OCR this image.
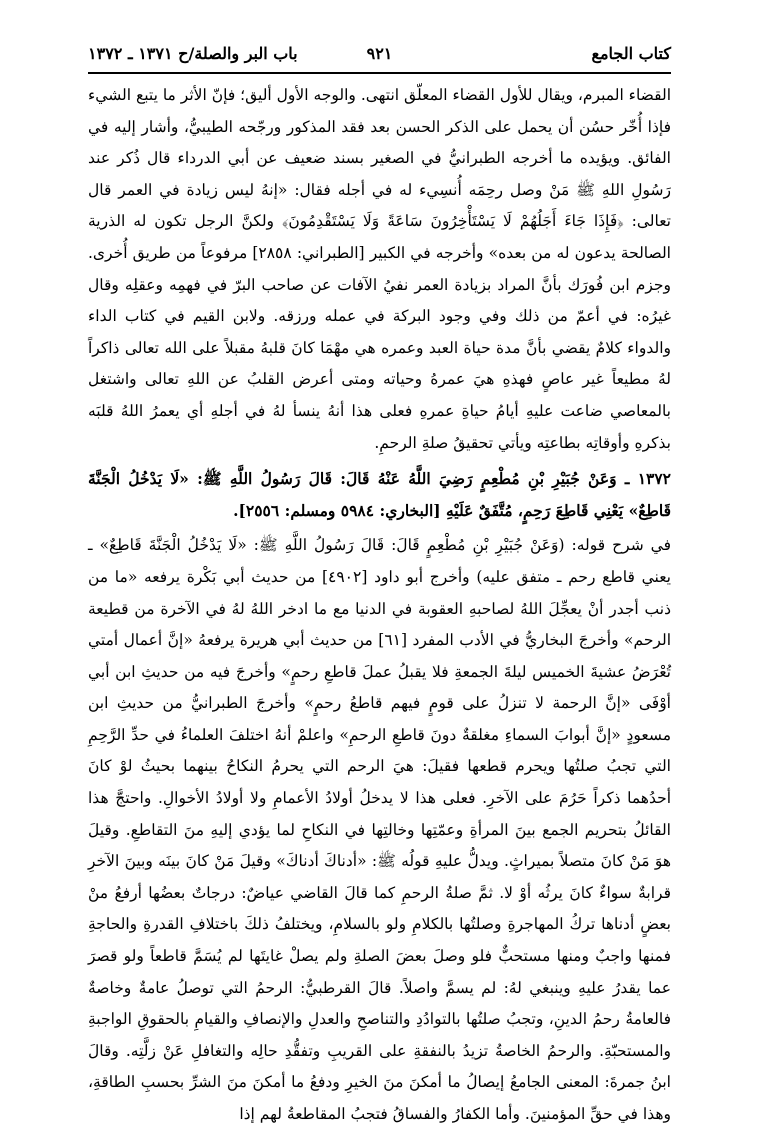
كتاب الجامع
٩٢١
باب البر والصلة/ح ١٣٧١ ـ ١٣٧٢

القضاء المبرم، ويقال للأول القضاء المعلّق انتهى. والوجه الأول أليق؛ فإنّ الأثر ما يتبع الشيء فإذا أُخّر حسُن أن يحمل على الذكر الحسن بعد فقد المذكور ورجّحه الطيبيُّ، وأشار إليه في الفائق. ويؤيده ما أخرجه الطبرانيُّ في الصغير بسند ضعيف عن أبي الدرداء قال ذُكر عند رَسُولِ اللهِ ﷺ مَنْ وصل رحِمَه أُنسِيء له في أجله فقال: «إنهُ ليس زيادة في العمر قال تعالى: ﴿فَإِذَا جَاءَ أَجَلُهُمْ لَا يَسْتَأْخِرُونَ سَاعَةً وَلَا يَسْتَقْدِمُونَ﴾ ولكنَّ الرجل تكون له الذرية الصالحة يدعون له من بعده» وأخرجه في الكبير [الطبراني: ٢٨٥٨] مرفوعاً من طريق أُخرى. وجزم ابن فُورَك بأنَّ المراد بزيادة العمر نفيُ الآفات عن صاحب البرّ في فهمِه وعقلِه وقال غيرُه: في أعمّ من ذلك وفي وجود البركة في عمله ورزقه. ولابن القيم في كتاب الداء والدواء كلامٌ يقضي بأنَّ مدة حياة العبد وعمره هي مهْمَا كانَ قلبهُ مقبلاً على الله تعالى ذاكراً لهُ مطيعاً غير عاصٍ فهذهِ هيَ عمرهُ وحياته ومتى أعرض القلبُ عن اللهِ تعالى واشتغل بالمعاصي ضاعت عليهِ أيامُ حياةِ عمرهِ فعلى هذا أنهُ ينسأ لهُ في أجلهِ أي يعمرُ اللهُ قلبَه بذكرهِ وأوقاتِه بطاعتِه ويأتي تحقيقُ صلةِ الرحمِ.

١٣٧٢ ـ وَعَنْ جُبَيْرِ بْنِ مُطْعِمٍ رَضِيَ اللَّهُ عَنْهُ قَالَ: قَالَ رَسُولُ اللَّهِ ﷺ: «لَا يَدْخُلُ الْجَنَّةَ قَاطِعٌ» يَعْنِي قَاطِعَ رَحِمٍ، مُتَّفَقٌ عَلَيْهِ [البخاري: ٥٩٨٤ ومسلم: ٢٥٥٦].

في شرح قوله: (وَعَنْ جُبَيْرِ بْنِ مُطْعِمٍ قَالَ: قَالَ رَسُولُ اللَّهِ ﷺ: «لَا يَدْخُلُ الْجَنَّةَ قَاطِعٌ» ـ يعني قاطع رحم ـ متفق عليه) وأخرج أبو داود [٤٩٠٢] من حديث أبي بَكْرة يرفعه «ما من ذنب أجدر أنْ يعجِّلَ اللهُ لصاحبهِ العقوبة في الدنيا مع ما ادخر اللهُ لهُ في الآخرة من قطيعة الرحم» وأخرجَ البخاريُّ في الأدب المفرد [٦١] من حديث أبي هريرة يرفعهُ «إنَّ أعمال أمتي تُعْرَضُ عشيةَ الخميس ليلةَ الجمعةِ فلا يقبلُ عملَ قاطعِ رحمٍ» وأخرجَ فيه من حديثِ ابن أبي أوْفَى «إنَّ الرحمة لا تنزلُ على قومٍ فيهم قاطعُ رحمٍ» وأخرجَ الطبرانيُّ من حديثِ ابن مسعودٍ «إنَّ أبوابَ السماءِ مغلقةٌ دونَ قاطعِ الرحمِ» واعلمْ أنهُ اختلفَ العلماءُ في حدِّ الرَّحِمِ التي تجبُ صلتُها ويحرم قطعها فقيلَ: هيَ الرحم التي يحرمُ النكاحُ بينهما بحيثُ لوْ كانَ أحدُهما ذكراً حَرُمَ على الآخرِ. فعلى هذا لا يدخلُ أولادُ الأعمامِ ولا أولادُ الأخوالِ. واحتجَّ هذا القائلُ بتحريم الجمع بينَ المرأةِ وعمّتِها وخالتِها في النكاحِ لما يؤدي إليهِ منَ التقاطعِ. وقيلَ هوَ مَنْ كانَ متصلاً بميراثٍ. ويدلُّ عليهِ قولُه ﷺ: «أدناكَ أدناكَ» وقيلَ مَنْ كانَ بينَه وبينَ الآخرِ قرابةٌ سواءٌ كانَ يرثُه أوْ لا. ثمَّ صلةُ الرحمِ كما قالَ القاضي عياضٌ: درجاتٌ بعضُها أرفعُ منْ بعضٍ أدناها تركُ المهاجرةِ وصلتُها بالكلامِ ولو بالسلامِ، ويختلفُ ذلكَ باختلافِ القدرةِ والحاجةِ فمنها واجبٌ ومنها مستحبٌّ فلو وصلَ بعضَ الصلةِ ولم يصلْ غايتَها لم يُسَمَّ قاطعاً ولو قصرَ عما يقدرُ عليهِ وينبغي لهُ: لم يسمَّ واصلاً. قالَ القرطبيُّ: الرحمُ التي توصلُ عامةٌ وخاصةٌ فالعامةُ رحمُ الدينِ، وتجبُ صلتُها بالتوادُدِ والتناصحِ والعدلِ والإنصافِ والقيامِ بالحقوقِ الواجبةِ والمستحبّةِ. والرحمُ الخاصةُ تزيدُ بالنفقةِ على القريبِ وتفقُّدِ حالِه والتغافلِ عَنْ زلَّتِه. وقالَ ابنُ جمرةَ: المعنى الجامعُ إيصالُ ما أمكنَ منَ الخيرِ ودفعُ ما أمكنَ منَ الشرِّ بحسبِ الطاقةِ، وهذا في حقِّ المؤمنينَ. وأما الكفارُ والفساقُ فتجبُ المقاطعةُ لهم إذا
